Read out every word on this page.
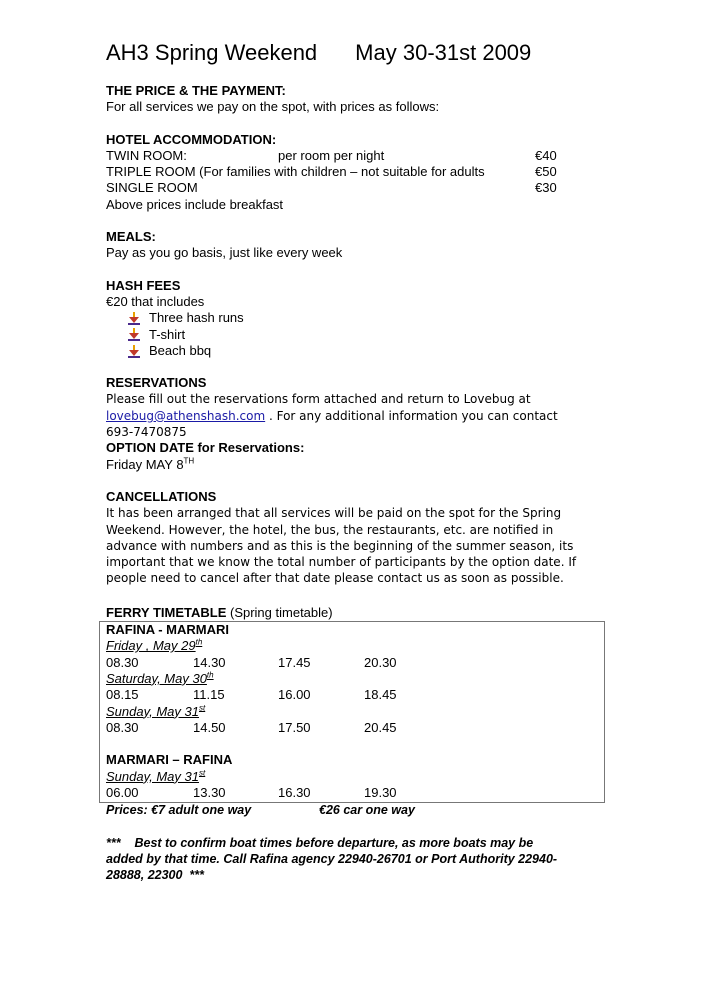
AH3 Spring Weekend May 30-31st 2009
THE PRICE & THE PAYMENT:
For all services we pay on the spot, with prices as follows:
HOTEL ACCOMMODATION:
TWIN ROOM:	per room per night	€40
TRIPLE ROOM (For families with children – not suitable for adults	€50
SINGLE ROOM	€30
Above prices include breakfast
MEALS:
Pay as you go basis, just like every week
HASH FEES
€20 that includes
Three hash runs
T-shirt
Beach bbq
RESERVATIONS
Please fill out the reservations form attached and return to Lovebug at
lovebug@athenshash.com . For any additional information you can contact
693-7470875
OPTION DATE for Reservations:
Friday MAY 8TH
CANCELLATIONS
It has been arranged that all services will be paid on the spot for the Spring
Weekend. However, the hotel, the bus, the restaurants, etc. are notified in
advance with numbers and as this is the beginning of the summer season, its
important that we know the total number of participants by the option date. If
people need to cancel after that date please contact us as soon as possible.
FERRY TIMETABLE (Spring timetable)
RAFINA - MARMARI
Friday , May 29th
08.30	14.30	17.45	20.30
Saturday, May 30th
08.15	11.15	16.00	18.45
Sunday, May 31st
08.30	14.50	17.50	20.45
MARMARI – RAFINA
Sunday, May 31st
06.00	13.30	16.30	19.30
Prices: €7 adult one way	€26 car one way
***    Best to confirm boat times before departure, as more boats may be
added by that time. Call Rafina agency 22940-26701 or Port Authority 22940-
28888, 22300  ***
